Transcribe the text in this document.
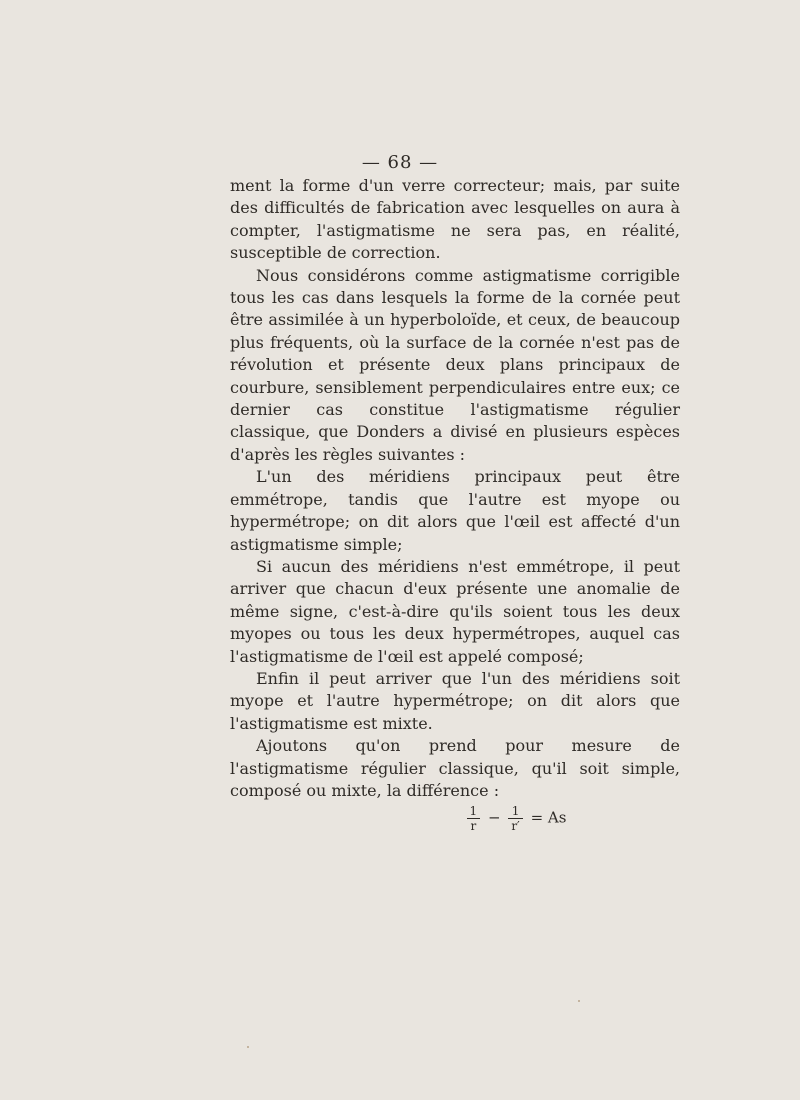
— 68 —

ment la forme d'un verre correcteur; mais, par suite des difficultés de fabrication avec lesquelles on aura à compter, l'astigmatisme ne sera pas, en réalité, susceptible de correction.

Nous considérons comme astigmatisme corrigible tous les cas dans lesquels la forme de la cornée peut être assimilée à un hyperboloïde, et ceux, de beaucoup plus fréquents, où la surface de la cornée n'est pas de révolution et présente deux plans principaux de courbure, sensiblement perpendiculaires entre eux; ce dernier cas constitue l'astigmatisme régulier classique, que Donders a divisé en plusieurs espèces d'après les règles suivantes :

L'un des méridiens principaux peut être emmétrope, tandis que l'autre est myope ou hypermétrope; on dit alors que l'œil est affecté d'un astigmatisme simple;

Si aucun des méridiens n'est emmétrope, il peut arriver que chacun d'eux présente une anomalie de même signe, c'est-à-dire qu'ils soient tous les deux myopes ou tous les deux hypermétropes, auquel cas l'astigmatisme de l'œil est appelé composé;

Enfin il peut arriver que l'un des méridiens soit myope et l'autre hypermétrope; on dit alors que l'astigmatisme est mixte.

Ajoutons qu'on prend pour mesure de l'astigmatisme régulier classique, qu'il soit simple, composé ou mixte, la différence :

$\frac{1}{r} - \frac{1}{r'} = As$
